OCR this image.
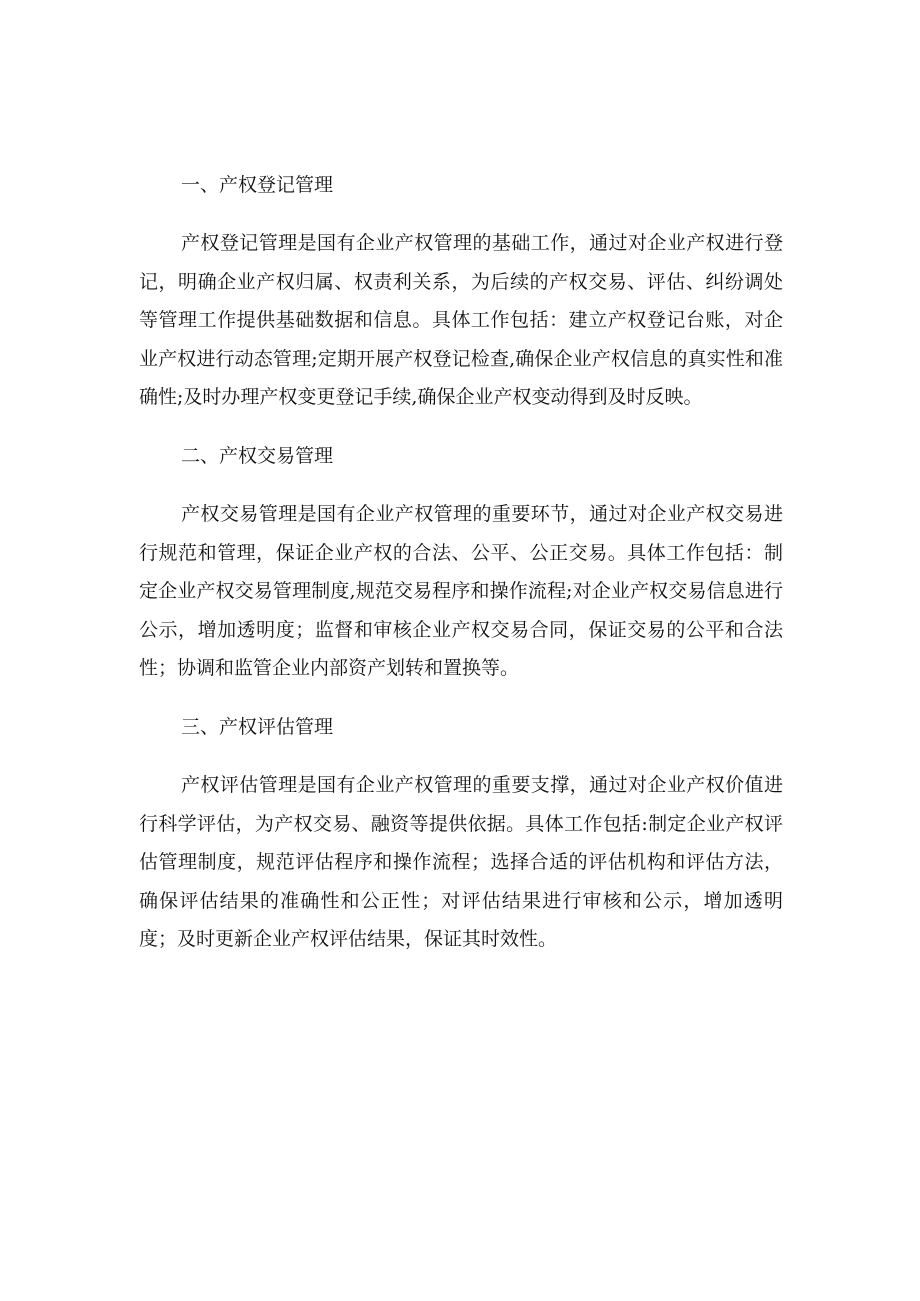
一、产权登记管理

产权登记管理是国有企业产权管理的基础工作，通过对企业产权进行登记，明确企业产权归属、权责利关系，为后续的产权交易、评估、纠纷调处等管理工作提供基础数据和信息。具体工作包括：建立产权登记台账，对企业产权进行动态管理;定期开展产权登记检查,确保企业产权信息的真实性和准确性;及时办理产权变更登记手续,确保企业产权变动得到及时反映。

二、产权交易管理

产权交易管理是国有企业产权管理的重要环节，通过对企业产权交易进行规范和管理，保证企业产权的合法、公平、公正交易。具体工作包括：制定企业产权交易管理制度,规范交易程序和操作流程;对企业产权交易信息进行公示，增加透明度；监督和审核企业产权交易合同，保证交易的公平和合法性；协调和监管企业内部资产划转和置换等。

三、产权评估管理

产权评估管理是国有企业产权管理的重要支撑，通过对企业产权价值进行科学评估，为产权交易、融资等提供依据。具体工作包括:制定企业产权评估管理制度，规范评估程序和操作流程；选择合适的评估机构和评估方法，确保评估结果的准确性和公正性；对评估结果进行审核和公示，增加透明度；及时更新企业产权评估结果，保证其时效性。
